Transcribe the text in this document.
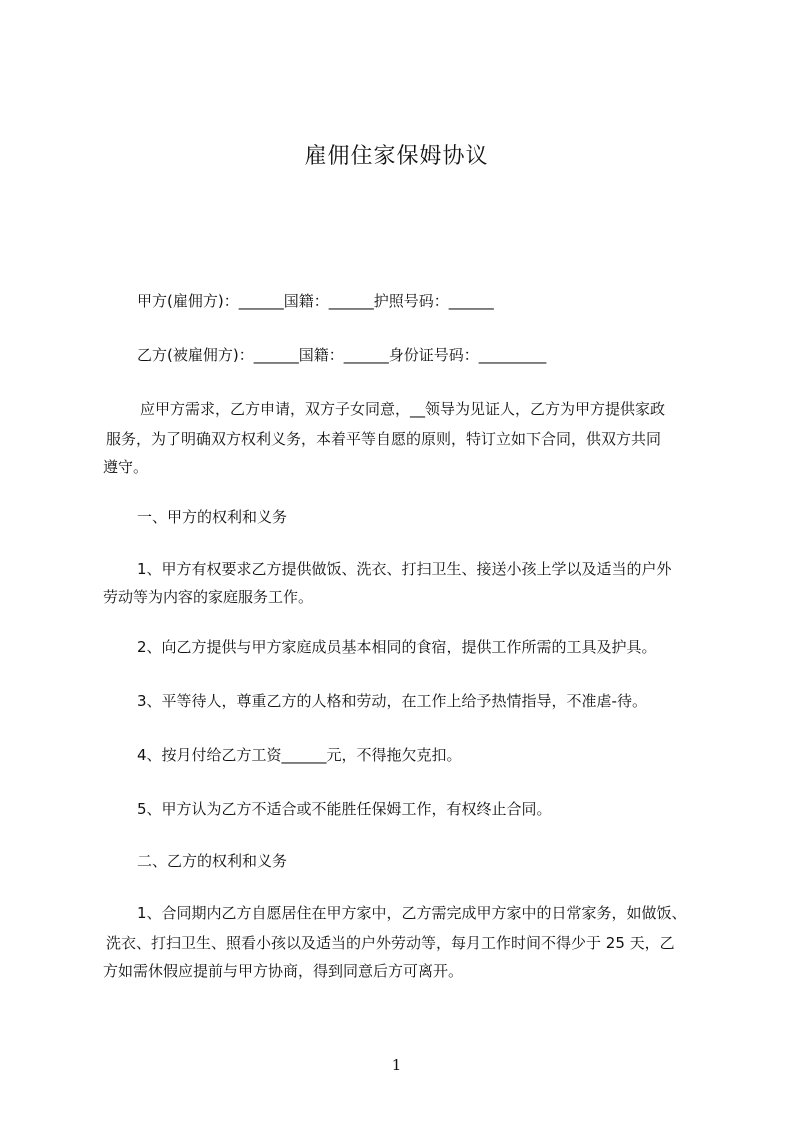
雇佣住家保姆协议
甲方(雇佣方)：______国籍：______护照号码：______
乙方(被雇佣方)：______国籍：______身份证号码：_________
应甲方需求，乙方申请，双方子女同意，__领导为见证人，乙方为甲方提供家政
服务，为了明确双方权利义务，本着平等自愿的原则，特订立如下合同，供双方共同
遵守。
一、甲方的权利和义务
1、甲方有权要求乙方提供做饭、洗衣、打扫卫生、接送小孩上学以及适当的户外
劳动等为内容的家庭服务工作。
2、向乙方提供与甲方家庭成员基本相同的食宿，提供工作所需的工具及护具。
3、平等待人，尊重乙方的人格和劳动，在工作上给予热情指导，不准虐-待。
4、按月付给乙方工资______元，不得拖欠克扣。
5、甲方认为乙方不适合或不能胜任保姆工作，有权终止合同。
二、乙方的权利和义务
1、合同期内乙方自愿居住在甲方家中，乙方需完成甲方家中的日常家务，如做饭、
洗衣、打扫卫生、照看小孩以及适当的户外劳动等，每月工作时间不得少于 25 天，乙
方如需休假应提前与甲方协商，得到同意后方可离开。
1
